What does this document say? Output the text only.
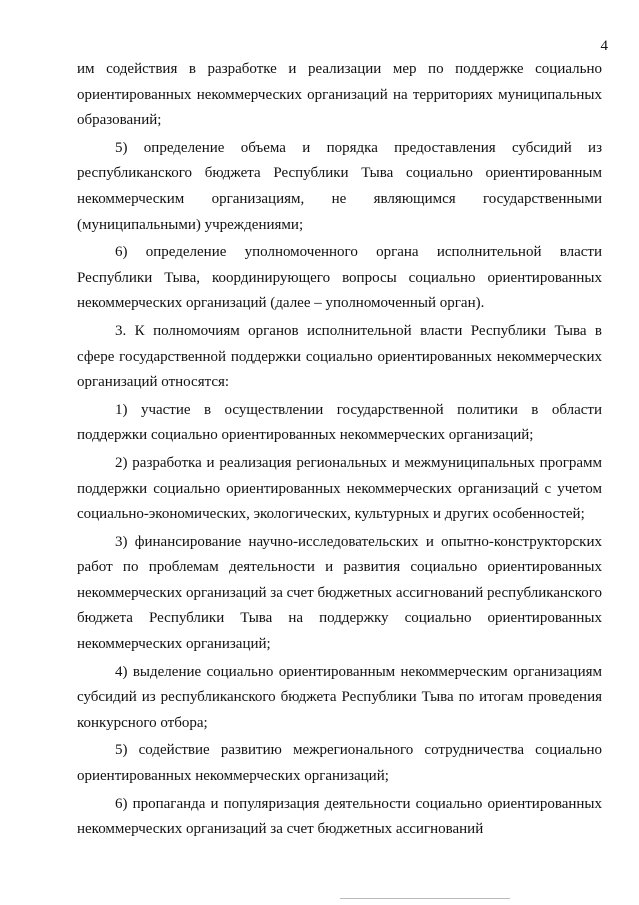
4

им содействия в разработке и реализации мер по поддержке социально ориентированных некоммерческих организаций на территориях муниципальных образований;

5) определение объема и порядка предоставления субсидий из республиканского бюджета Республики Тыва социально ориентированным некоммерческим организациям, не являющимся государственными (муниципальными) учреждениями;

6) определение уполномоченного органа исполнительной власти Республики Тыва, координирующего вопросы социально ориентированных некоммерческих организаций (далее – уполномоченный орган).

3. К полномочиям органов исполнительной власти Республики Тыва в сфере государственной поддержки социально ориентированных некоммерческих организаций относятся:

1) участие в осуществлении государственной политики в области поддержки социально ориентированных некоммерческих организаций;

2) разработка и реализация региональных и межмуниципальных программ поддержки социально ориентированных некоммерческих организаций с учетом социально-экономических, экологических, культурных и других особенностей;

3) финансирование научно-исследовательских и опытно-конструкторских работ по проблемам деятельности и развития социально ориентированных некоммерческих организаций за счет бюджетных ассигнований республиканского бюджета Республики Тыва на поддержку социально ориентированных некоммерческих организаций;

4) выделение социально ориентированным некоммерческим организациям субсидий из республиканского бюджета Республики Тыва по итогам проведения конкурсного отбора;

5) содействие развитию межрегионального сотрудничества социально ориентированных некоммерческих организаций;

6) пропаганда и популяризация деятельности социально ориентированных некоммерческих организаций за счет бюджетных ассигнований
